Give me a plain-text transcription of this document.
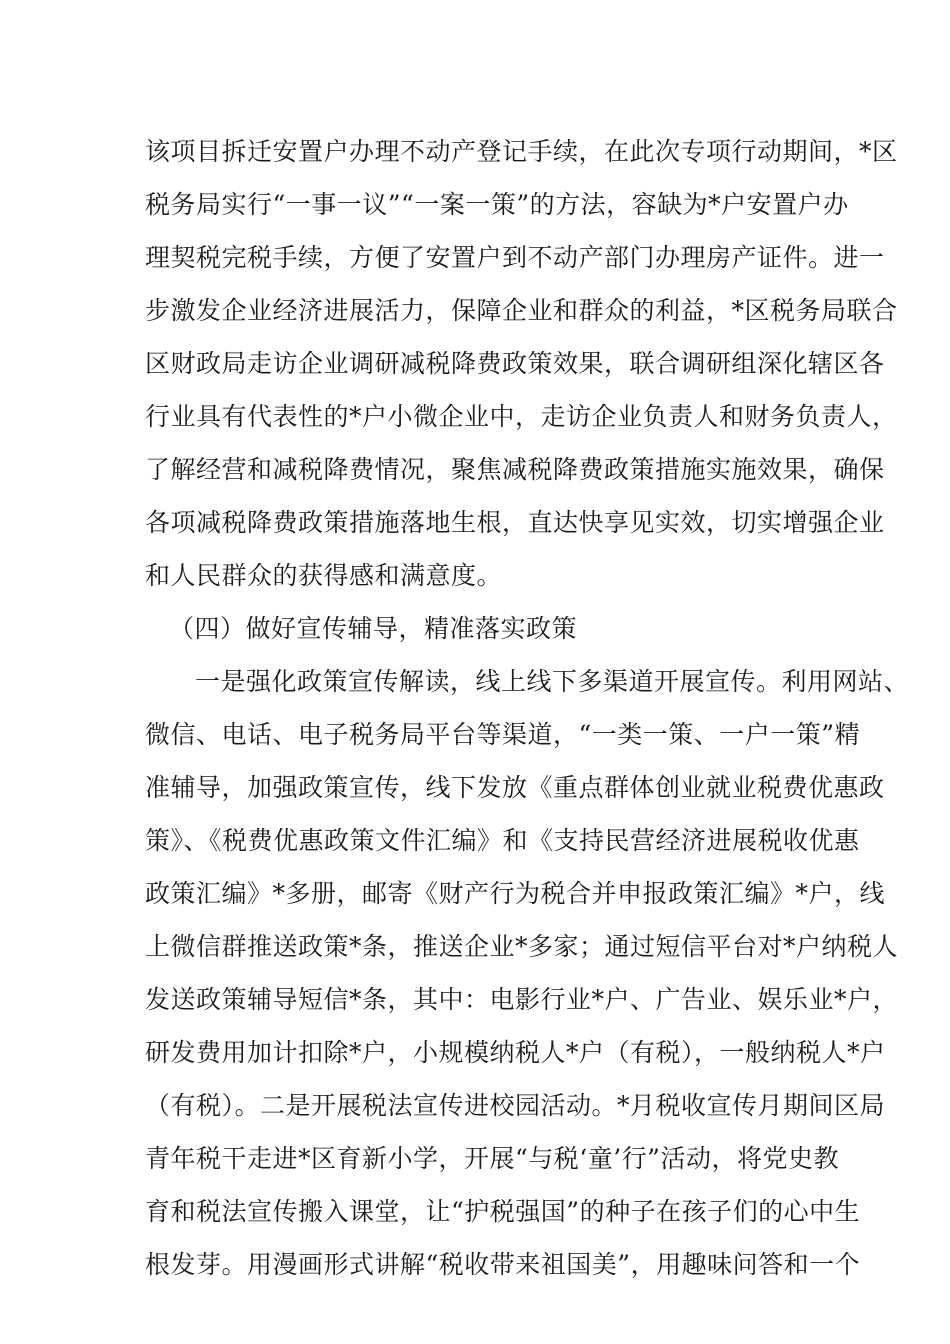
该项目拆迁安置户办理不动产登记手续，在此次专项行动期间，*区
税务局实行“一事一议”“一案一策”的方法，容缺为*户安置户办
理契税完税手续，方便了安置户到不动产部门办理房产证件。进一
步激发企业经济进展活力，保障企业和群众的利益，*区税务局联合
区财政局走访企业调研减税降费政策效果，联合调研组深化辖区各
行业具有代表性的*户小微企业中，走访企业负责人和财务负责人，
了解经营和减税降费情况，聚焦减税降费政策措施实施效果，确保
各项减税降费政策措施落地生根，直达快享见实效，切实增强企业
和人民群众的获得感和满意度。
（四）做好宣传辅导，精准落实政策
一是强化政策宣传解读，线上线下多渠道开展宣传。利用网站、
微信、电话、电子税务局平台等渠道，“一类一策、一户一策”精
准辅导，加强政策宣传，线下发放《重点群体创业就业税费优惠政
策》、《税费优惠政策文件汇编》和《支持民营经济进展税收优惠
政策汇编》*多册，邮寄《财产行为税合并申报政策汇编》*户，线
上微信群推送政策*条，推送企业*多家；通过短信平台对*户纳税人
发送政策辅导短信*条，其中：电影行业*户、广告业、娱乐业*户，
研发费用加计扣除*户，小规模纳税人*户（有税），一般纳税人*户
（有税）。二是开展税法宣传进校园活动。*月税收宣传月期间区局
青年税干走进*区育新小学，开展“与税‘童’行”活动，将党史教
育和税法宣传搬入课堂，让“护税强国”的种子在孩子们的心中生
根发芽。用漫画形式讲解“税收带来祖国美”，用趣味问答和一个
